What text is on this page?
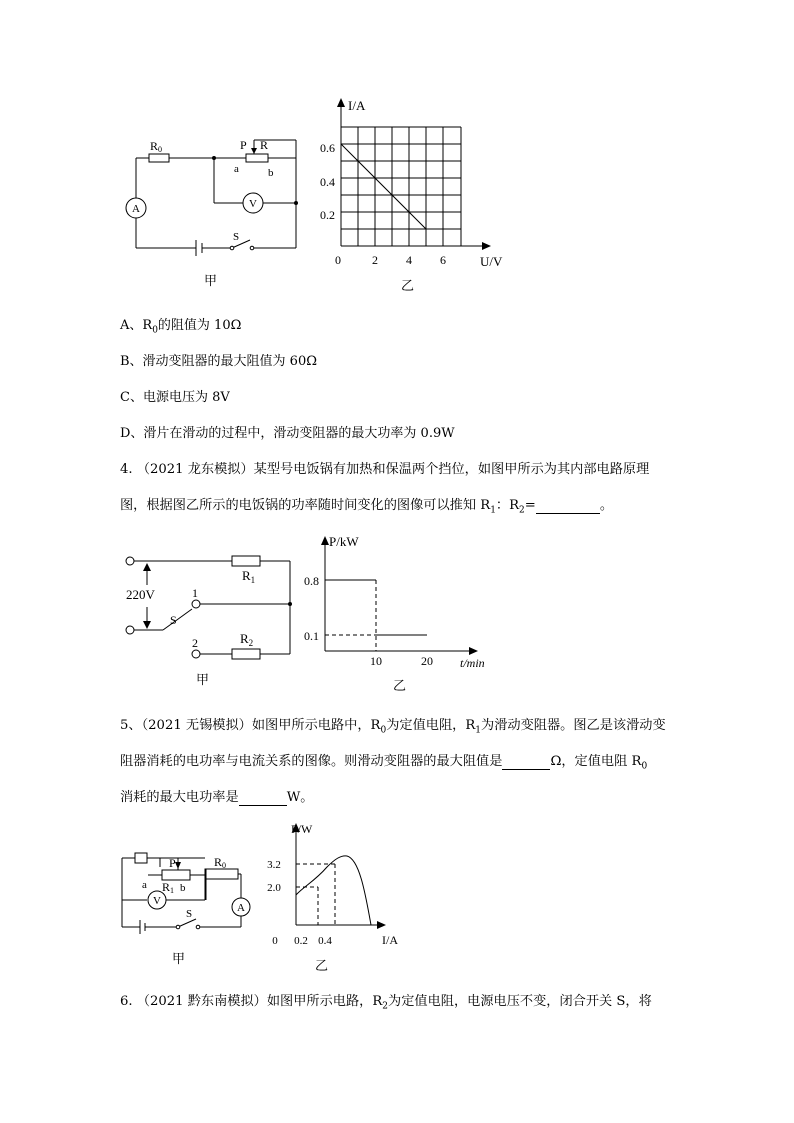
R0	P R
a	b
A	V
S
甲
I/A
U/V
0
0.2
0.4
0.6
2 4 6
乙
A、$R_0$的阻值为 10Ω
B、滑动变阻器的最大阻值为 60Ω
C、电源电压为 8V
D、滑片在滑动的过程中，滑动变阻器的最大功率为 0.9W
4. （2021 龙东模拟）某型号电饭锅有加热和保温两个挡位，如图甲所示为其内部电路原理
图，根据图乙所示的电饭锅的功率随时间变化的图像可以推知 $R_1$：$R_2=$	。
220V
$R_1$
$R_2$
S
1
2
甲
P/kW
t/min
0.8
0.1
10	20
乙
5、（2021 无锡模拟）如图甲所示电路中，$R_0$为定值电阻，$R_1$为滑动变阻器。图乙是该滑动变
阻器消耗的电功率与电流关系的图像。则滑动变阻器的最大阻值是	Ω，定值电阻 $R_0$
消耗的最大电功率是	W。
P	R0
a R1 b
V
A
S
甲
P/W
I/A
0
2.0
3.2
0.2 0.4
乙
6. （2021 黔东南模拟）如图甲所示电路，$R_2$为定值电阻，电源电压不变，闭合开关 S，将
